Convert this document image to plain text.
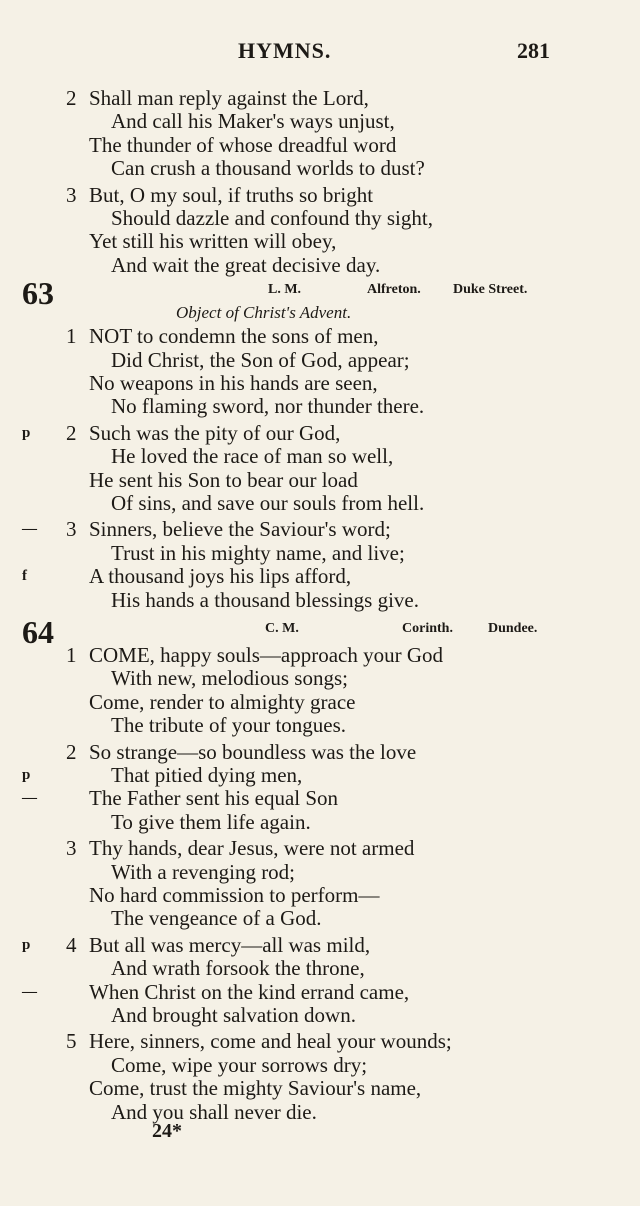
HYMNS.	281
2 Shall man reply against the Lord,
And call his Maker's ways unjust,
The thunder of whose dreadful word
Can crush a thousand worlds to dust?
3 But, O my soul, if truths so bright
Should dazzle and confound thy sight,
Yet still his written will obey,
And wait the great decisive day.
63	L. M.	Alfreton. Duke Street.
Object of Christ's Advent.
1 NOT to condemn the sons of men,
Did Christ, the Son of God, appear;
No weapons in his hands are seen,
No flaming sword, nor thunder there.
p	2 Such was the pity of our God,
He loved the race of man so well,
He sent his Son to bear our load
Of sins, and save our souls from hell.
— 3 Sinners, believe the Saviour's word;
Trust in his mighty name, and live;
f	A thousand joys his lips afford,
His hands a thousand blessings give.
64	C. M.	Corinth.	Dundee.
1 COME, happy souls—approach your God
With new, melodious songs;
Come, render to almighty grace
The tribute of your tongues.
2 So strange—so boundless was the love
p	That pitied dying men,
— The Father sent his equal Son
To give them life again.
3 Thy hands, dear Jesus, were not armed
With a revenging rod;
No hard commission to perform—
The vengeance of a God.
p	4 But all was mercy—all was mild,
And wrath forsook the throne,
— When Christ on the kind errand came,
And brought salvation down.
5 Here, sinners, come and heal your wounds;
Come, wipe your sorrows dry;
Come, trust the mighty Saviour's name,
And you shall never die.
24*
